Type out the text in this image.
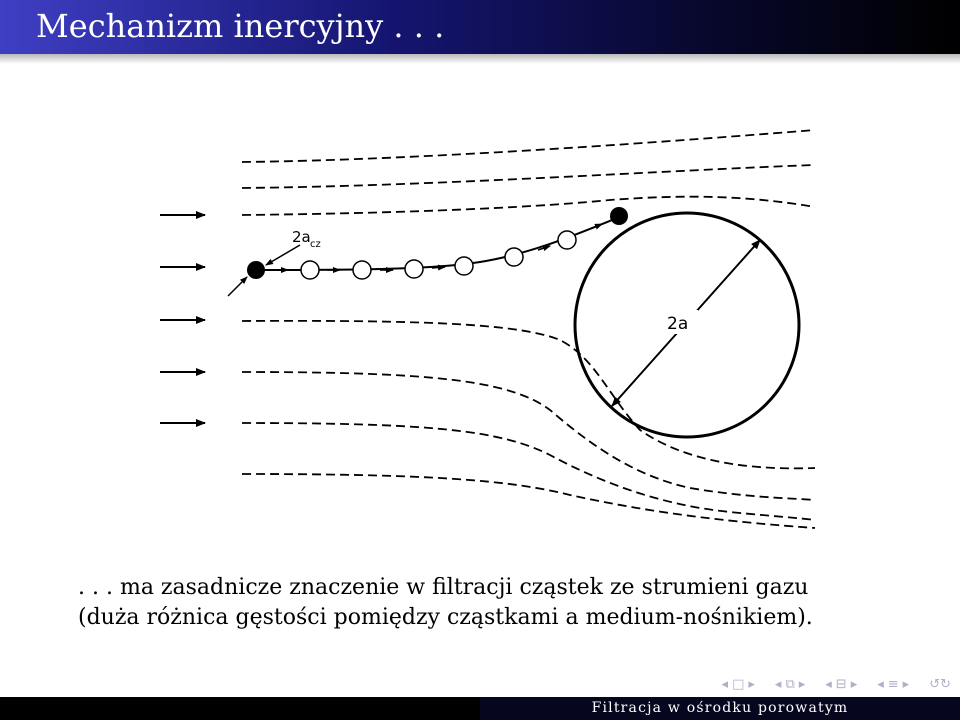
Mechanizm inercyjny . . .
2a
2a cz
. . . ma zasadnicze znaczenie w filtracji cząstek ze strumieni gazu
(duża różnica gęstości pomiędzy cząstkami a medium-nośnikiem).
◂ □ ▸ ◂ ⧉ ▸ ◂ ⊟ ▸ ◂ ≡ ▸ ↺↻
Filtracja w ośrodku porowatym
